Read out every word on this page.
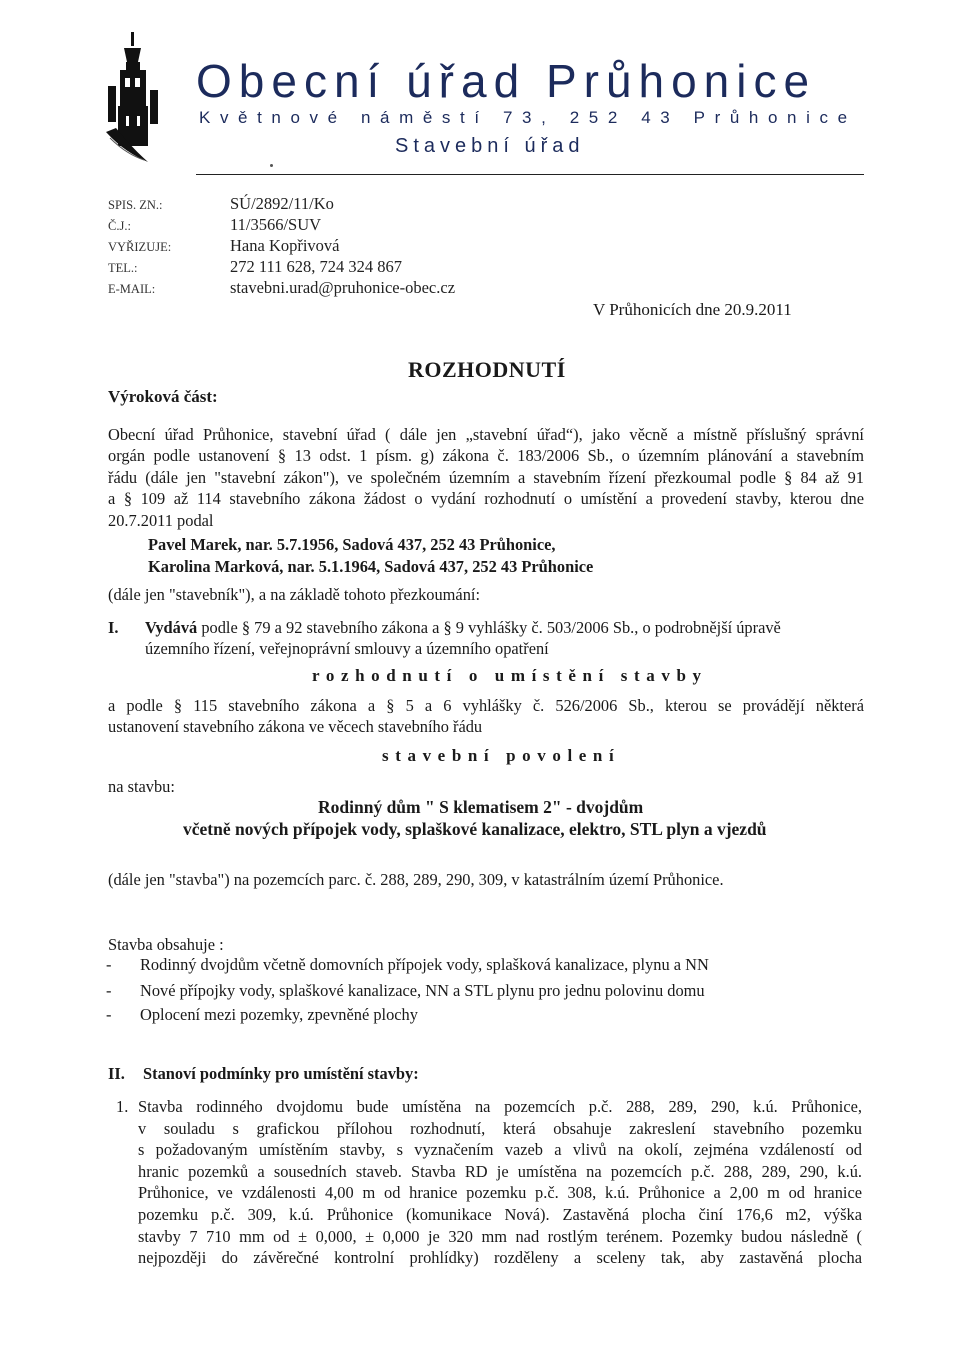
Obecní úřad Průhonice
Květnové náměstí 73, 252 43 Průhonice
Stavební úřad
SPIS. ZN.:	SÚ/2892/11/Ko
Č.J.:	11/3566/SUV
VYŘIZUJE:	Hana Kopřivová
TEL.:	272 111 628, 724 324 867
E-MAIL:	stavebni.urad@pruhonice-obec.cz
V Průhonicích dne 20.9.2011
ROZHODNUTÍ
Výroková část:
Obecní úřad Průhonice, stavební úřad ( dále jen „stavební úřad“), jako věcně a místně příslušný správní
orgán podle ustanovení § 13 odst. 1 písm. g) zákona č. 183/2006 Sb., o územním plánování a stavebním
řádu (dále jen "stavební zákon"), ve společném územním a stavebním řízení přezkoumal podle § 84 až 91
a § 109 až 114 stavebního zákona žádost o vydání rozhodnutí o umístění a provedení stavby, kterou dne
20.7.2011 podal
Pavel Marek, nar. 5.7.1956, Sadová 437, 252 43 Průhonice,
Karolina Marková, nar. 5.1.1964, Sadová 437, 252 43 Průhonice
(dále jen "stavebník"), a na základě tohoto přezkoumání:
I. Vydává podle § 79 a 92 stavebního zákona a § 9 vyhlášky č. 503/2006 Sb., o podrobnější úpravě
územního řízení, veřejnoprávní smlouvy a územního opatření
rozhodnutí o umístění stavby
a podle § 115 stavebního zákona a § 5 a 6 vyhlášky č. 526/2006 Sb., kterou se provádějí některá
ustanovení stavebního zákona ve věcech stavebního řádu
stavební povolení
na stavbu:
Rodinný dům " S klematisem 2" - dvojdům
včetně nových přípojek vody, splaškové kanalizace, elektro, STL plyn a vjezdů
(dále jen "stavba") na pozemcích parc. č. 288, 289, 290, 309, v katastrálním území Průhonice.
Stavba obsahuje :
- Rodinný dvojdům včetně domovních přípojek vody, splašková kanalizace, plynu a NN
- Nové přípojky vody, splaškové kanalizace, NN a STL plynu pro jednu polovinu domu
- Oplocení mezi pozemky, zpevněné plochy
II. Stanoví podmínky pro umístění stavby:
1. Stavba rodinného dvojdomu bude umístěna na pozemcích p.č. 288, 289, 290, k.ú. Průhonice,
v souladu s grafickou přílohou rozhodnutí, která obsahuje zakreslení stavebního pozemku
s požadovaným umístěním stavby, s vyznačením vazeb a vlivů na okolí, zejména vzdáleností od
hranic pozemků a sousedních staveb. Stavba RD je umístěna na pozemcích p.č. 288, 289, 290, k.ú.
Průhonice, ve vzdálenosti 4,00 m od hranice pozemku p.č. 308, k.ú. Průhonice a 2,00 m od hranice
pozemku p.č. 309, k.ú. Průhonice (komunikace Nová). Zastavěná plocha činí 176,6 m2, výška
stavby 7 710 mm od ± 0,000, ± 0,000 je 320 mm nad rostlým terénem. Pozemky budou následně (
nejpozději do závěrečné kontrolní prohlídky) rozděleny a sceleny tak, aby zastavěná plocha
